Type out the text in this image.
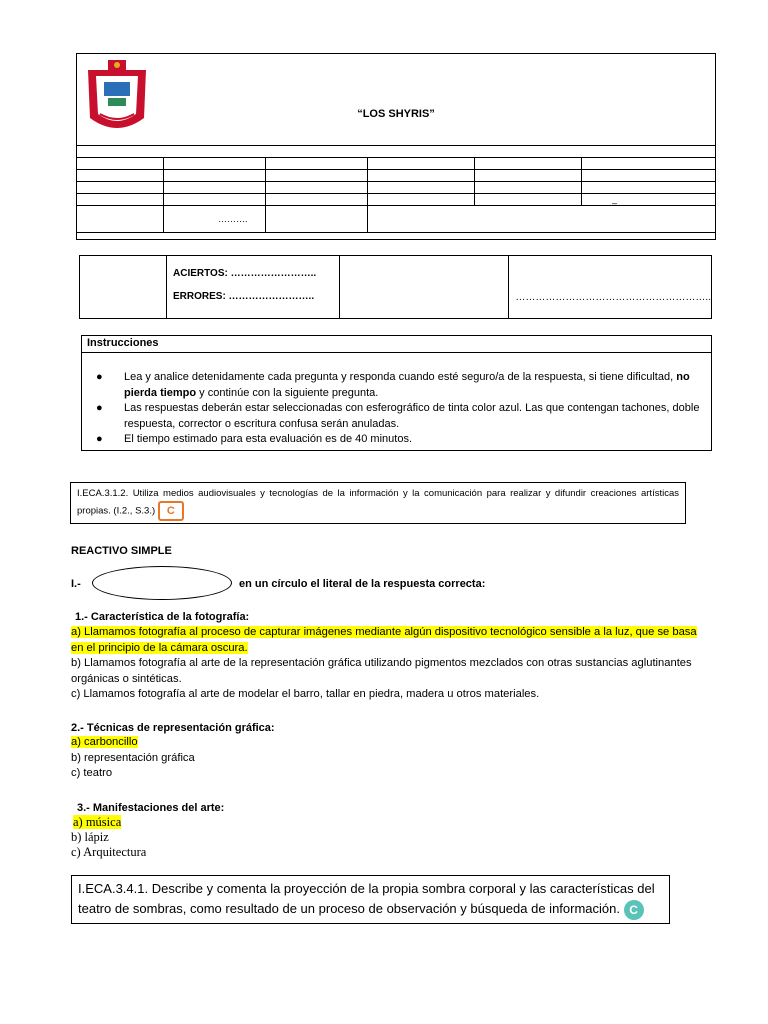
“LOS SHYRIS”

……….
–

ACIERTOS: ……………………..
ERRORES: ……………………..		…………………………………………………..
Instrucciones
● Lea y analice detenidamente cada pregunta y responda cuando esté seguro/a de la respuesta, si tiene dificultad, no pierda tiempo y continúe con la siguiente pregunta.
● Las respuestas deberán estar seleccionadas con esferográfico de tinta color azul. Las que contengan tachones, doble respuesta, corrector o escritura confusa serán anuladas.
● El tiempo estimado para esta evaluación es de 40 minutos.
I.ECA.3.1.2. Utiliza medios audiovisuales y tecnologías de la información y la comunicación para realizar y difundir creaciones artísticas propias. (I.2., S.3.) C
REACTIVO SIMPLE
I.-	en un círculo el literal de la respuesta correcta:
1.- Característica de la fotografía:
a) Llamamos fotografía al proceso de capturar imágenes mediante algún dispositivo tecnológico sensible a la luz, que se basa en el principio de la cámara oscura.
b) Llamamos fotografía al arte de la representación gráfica utilizando pigmentos mezclados con otras sustancias aglutinantes orgánicas o sintéticas.
c) Llamamos fotografía al arte de modelar el barro, tallar en piedra, madera u otros materiales.
2.- Técnicas de representación gráfica:
a) carboncillo
b) representación gráfica
c) teatro
3.- Manifestaciones del arte:
a) música
b) lápiz
c) Arquitectura
I.ECA.3.4.1. Describe y comenta la proyección de la propia sombra corporal y las características del teatro de sombras, como resultado de un proceso de observación y búsqueda de información. C
